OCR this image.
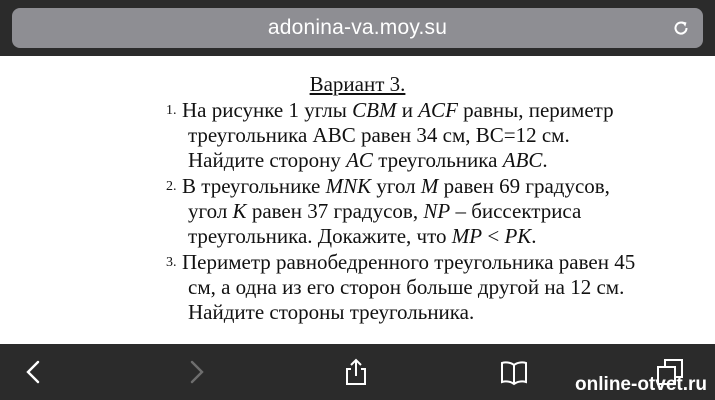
adonina-va.moy.su
Вариант 3.
1. На рисунке 1 углы CBM и ACF равны, периметр
треугольника ABC равен 34 см, BC=12 см.
Найдите сторону AC треугольника ABC.
2. В треугольнике MNK угол M равен 69 градусов,
угол K равен 37 градусов, NP – биссектриса
треугольника. Докажите, что MP < PK.
3. Периметр равнобедренного треугольника равен 45
см, а одна из его сторон больше другой на 12 см.
Найдите стороны треугольника.
online-otvet.ru
